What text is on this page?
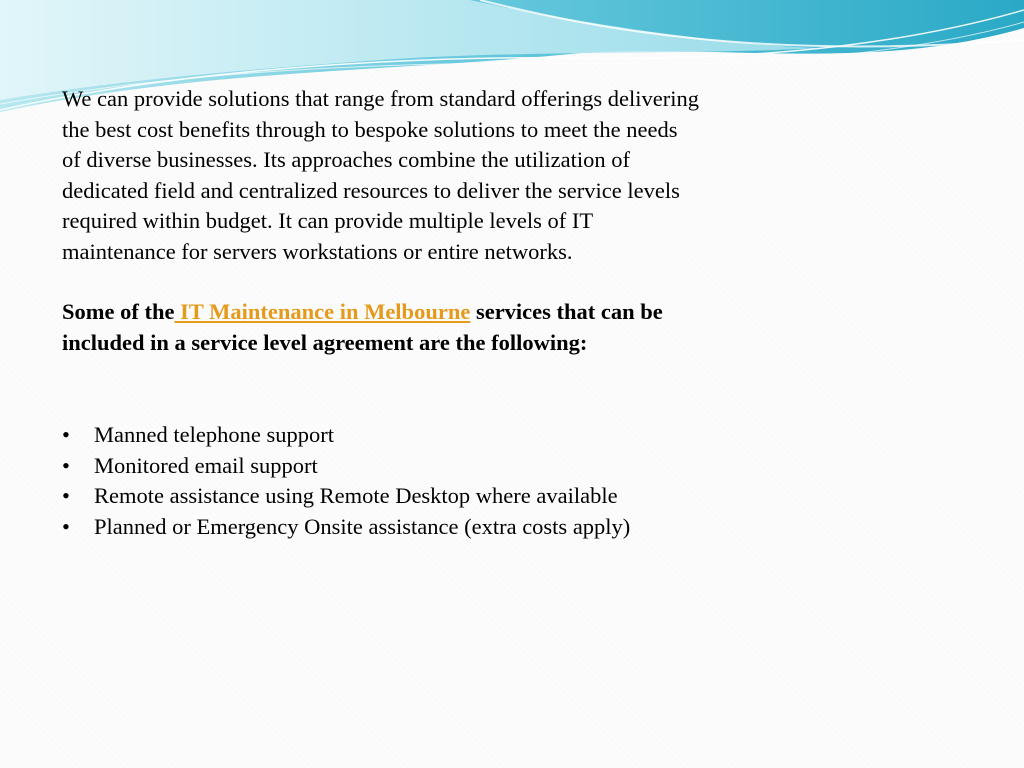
We can provide solutions that range from standard offerings delivering
the best cost benefits through to bespoke solutions to meet the needs
of diverse businesses. Its approaches combine the utilization of
dedicated field and centralized resources to deliver the service levels
required within budget. It can provide multiple levels of IT
maintenance for servers workstations or entire networks.

Some of the IT Maintenance in Melbourne services that can be
included in a service level agreement are the following:

• Manned telephone support
• Monitored email support
• Remote assistance using Remote Desktop where available
• Planned or Emergency Onsite assistance (extra costs apply)
